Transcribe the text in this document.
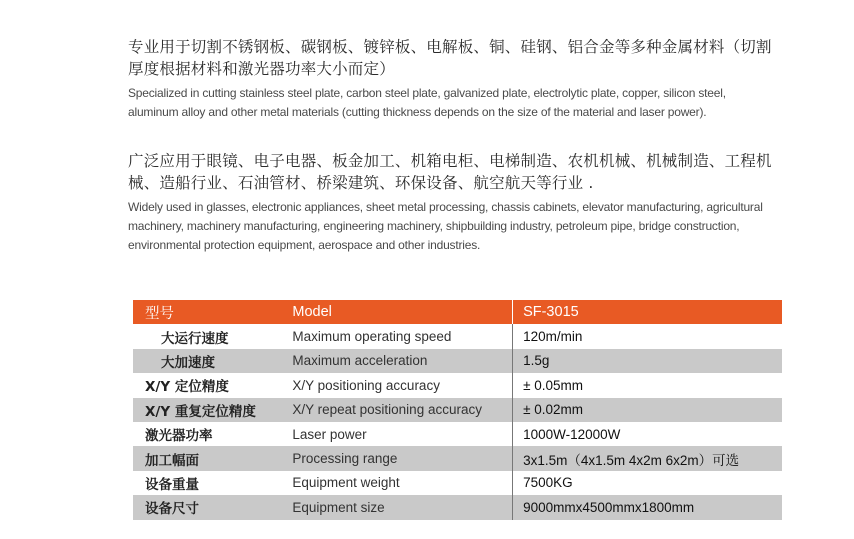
专业用于切割不锈钢板、碳钢板、镀锌板、电解板、铜、硅钢、铝合金等多种金属材料（切割厚度根据材料和激光器功率大小而定）

Specialized in cutting stainless steel plate, carbon steel plate, galvanized plate, electrolytic plate, copper, silicon steel, aluminum alloy and other metal materials (cutting thickness depends on the size of the material and laser power).

广泛应用于眼镜、电子电器、板金加工、机箱电柜、电梯制造、农机机械、机械制造、工程机械、造船行业、石油管材、桥梁建筑、环保设备、航空航天等行业 .

Widely used in glasses, electronic appliances, sheet metal processing, chassis cabinets, elevator manufacturing, agricultural machinery, machinery manufacturing, engineering machinery, shipbuilding industry, petroleum pipe, bridge construction, environmental protection equipment, aerospace and other industries.

型号	Model	SF-3015
大运行速度	Maximum operating speed	120m/min
大加速度	Maximum acceleration	1.5g
X/Y 定位精度	X/Y positioning accuracy	± 0.05mm
X/Y 重复定位精度	X/Y repeat positioning accuracy	± 0.02mm
激光器功率	Laser power	1000W-12000W
加工幅面	Processing range	3x1.5m（4x1.5m 4x2m 6x2m）可选
设备重量	Equipment weight	7500KG
设备尺寸	Equipment size	9000mmx4500mmx1800mm
